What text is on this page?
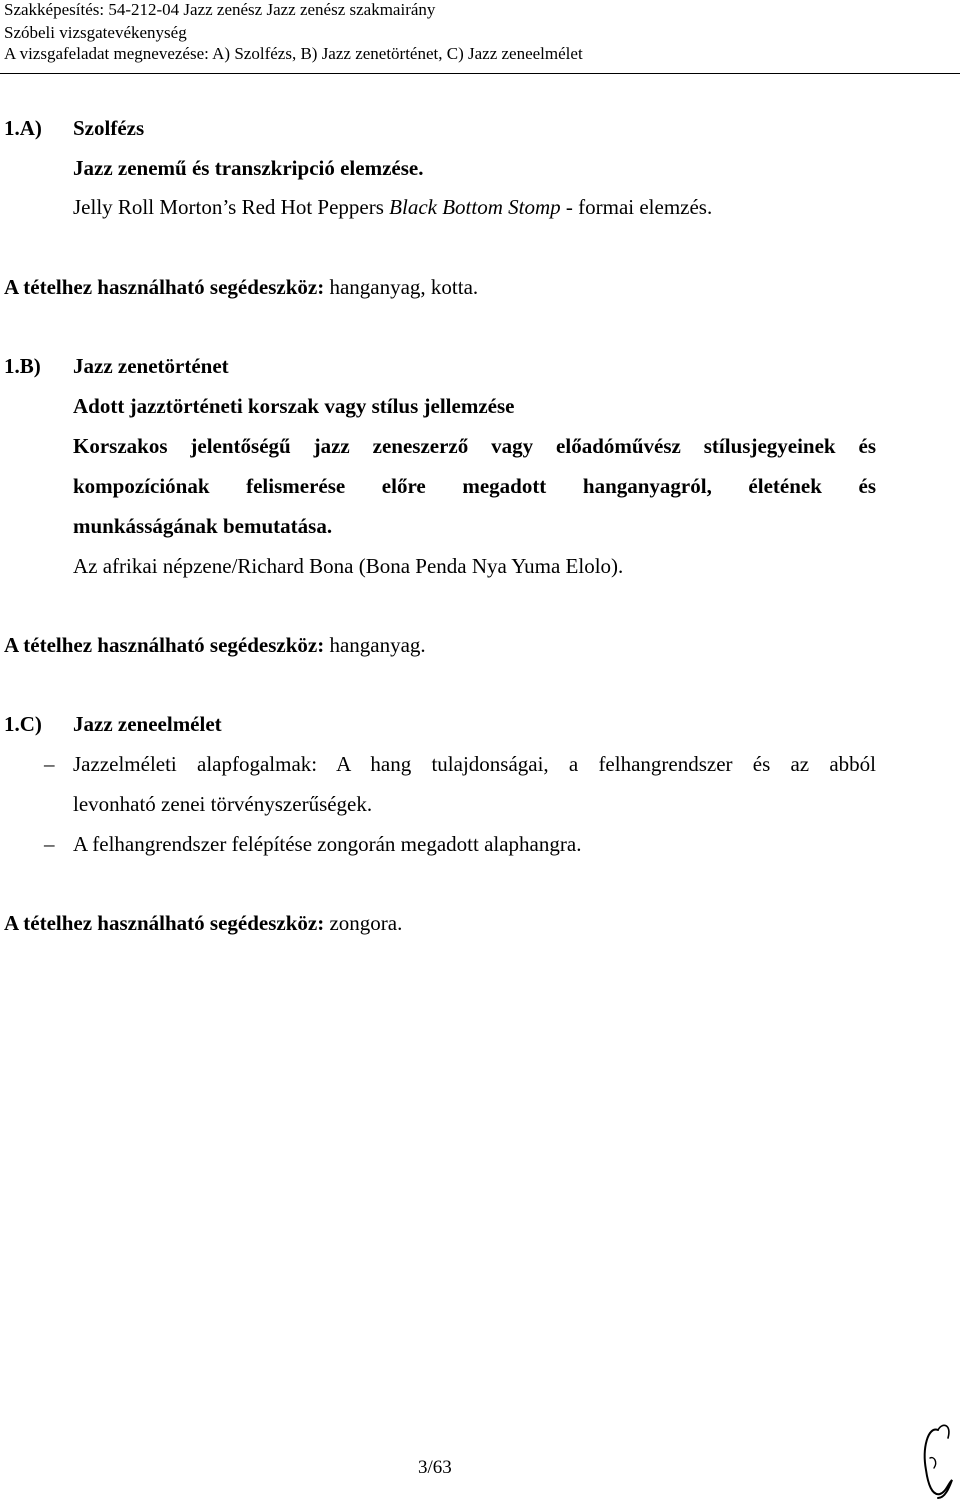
Szakképesítés: 54-212-04 Jazz zenész Jazz zenész szakmairány
Szóbeli vizsgatevékenység
A vizsgafeladat megnevezése: A) Szolfézs, B) Jazz zenetörténet, C) Jazz zeneelmélet
1.A) Szolfézs
Jazz zenemű és transzkripció elemzése.
Jelly Roll Morton’s Red Hot Peppers Black Bottom Stomp - formai elemzés.
A tételhez használható segédeszköz: hanganyag, kotta.
1.B) Jazz zenetörténet
Adott jazztörténeti korszak vagy stílus jellemzése
Korszakos jelentőségű jazz zeneszerző vagy előadóművész stílusjegyeinek és
kompozíciónak felismerése előre megadott hanganyagról, életének és
munkásságának bemutatása.
Az afrikai népzene/Richard Bona (Bona Penda Nya Yuma Elolo).
A tételhez használható segédeszköz: hanganyag.
1.C) Jazz zeneelmélet
– Jazzelméleti alapfogalmak: A hang tulajdonságai, a felhangrendszer és az abból
levonható zenei törvényszerűségek.
– A felhangrendszer felépítése zongorán megadott alaphangra.
A tételhez használható segédeszköz: zongora.
3/63
